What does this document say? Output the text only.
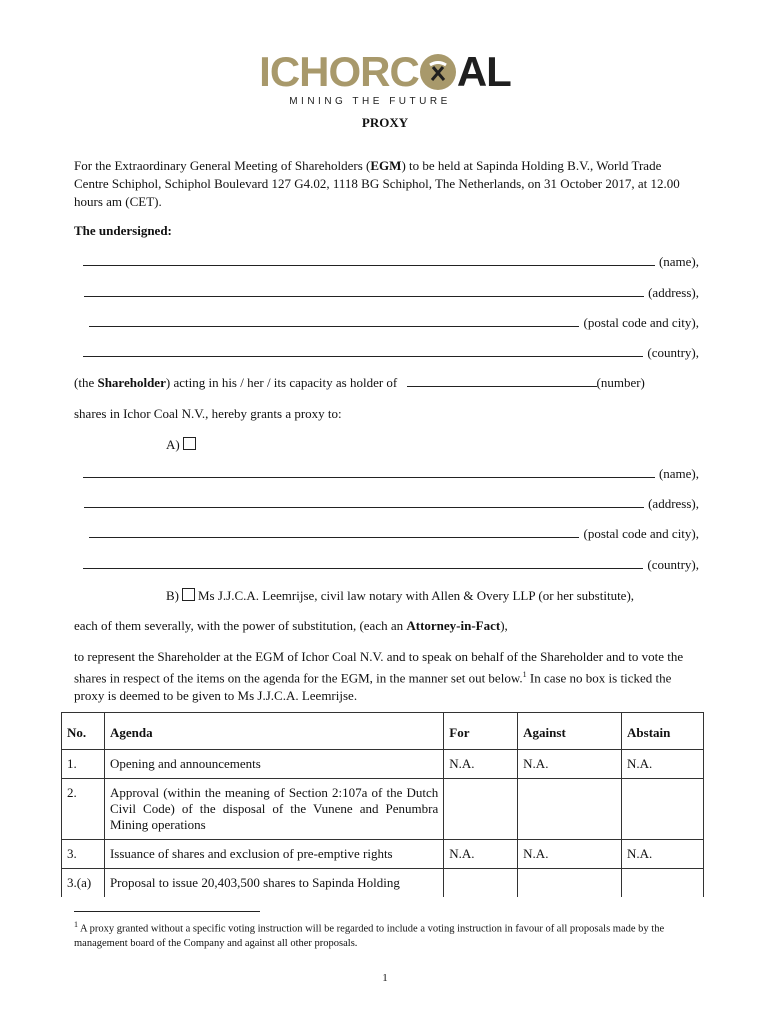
ICHORC AL
MINING THE FUTURE
PROXY
For the Extraordinary General Meeting of Shareholders (EGM) to be held at Sapinda Holding B.V., World Trade Centre Schiphol, Schiphol Boulevard 127 G4.02, 1118 BG Schiphol, The Netherlands, on 31 October 2017, at 12.00 hours am (CET).
The undersigned:
(name),
(address),
(postal code and city),
(country),
(the Shareholder) acting in his / her / its capacity as holder of	(number)
shares in Ichor Coal N.V., hereby grants a proxy to:
A)
(name),
(address),
(postal code and city),
(country),
B) Ms J.J.C.A. Leemrijse, civil law notary with Allen & Overy LLP (or her substitute),
each of them severally, with the power of substitution, (each an Attorney-in-Fact),
to represent the Shareholder at the EGM of Ichor Coal N.V. and to speak on behalf of the Shareholder and to vote the shares in respect of the items on the agenda for the EGM, in the manner set out below.$^1$ In case no box is ticked the proxy is deemed to be given to Ms J.J.C.A. Leemrijse.
No.	Agenda	For	Against	Abstain
1.	Opening and announcements	N.A.	N.A.	N.A.
2.	Approval (within the meaning of Section 2:107a of the Dutch Civil Code) of the disposal of the Vunene and Penumbra Mining operations			
3.	Issuance of shares and exclusion of pre-emptive rights	N.A.	N.A.	N.A.
3.(a)	Proposal to issue 20,403,500 shares to Sapinda Holding			
$^1$ A proxy granted without a specific voting instruction will be regarded to include a voting instruction in favour of all proposals made by the management board of the Company and against all other proposals.
1
